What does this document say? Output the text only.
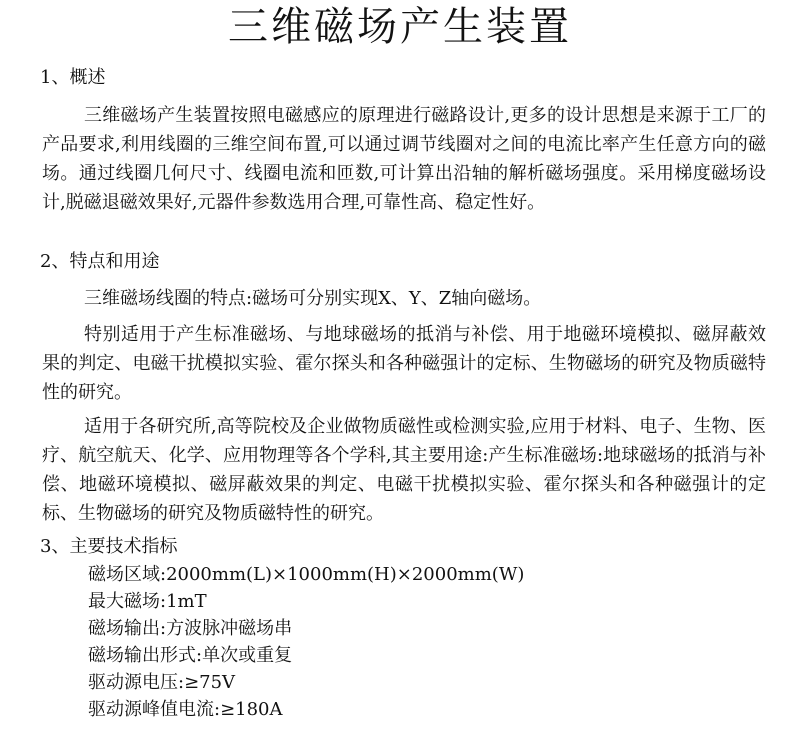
三维磁场产生装置
1、概述

三维磁场产生装置按照电磁感应的原理进行磁路设计,更多的设计思想是来源于工厂的产品要求,利用线圈的三维空间布置,可以通过调节线圈对之间的电流比率产生任意方向的磁场。通过线圈几何尺寸、线圈电流和匝数,可计算出沿轴的解析磁场强度。采用梯度磁场设计,脱磁退磁效果好,元器件参数选用合理,可靠性高、稳定性好。

2、特点和用途

三维磁场线圈的特点:磁场可分别实现X、Y、Z轴向磁场。

特别适用于产生标准磁场、与地球磁场的抵消与补偿、用于地磁环境模拟、磁屏蔽效果的判定、电磁干扰模拟实验、霍尔探头和各种磁强计的定标、生物磁场的研究及物质磁特性的研究。

适用于各研究所,高等院校及企业做物质磁性或检测实验,应用于材料、电子、生物、医疗、航空航天、化学、应用物理等各个学科,其主要用途:产生标准磁场:地球磁场的抵消与补偿、地磁环境模拟、磁屏蔽效果的判定、电磁干扰模拟实验、霍尔探头和各种磁强计的定标、生物磁场的研究及物质磁特性的研究。

3、主要技术指标
磁场区域:2000mm(L)×1000mm(H)×2000mm(W)
最大磁场:1mT
磁场输出:方波脉冲磁场串
磁场输出形式:单次或重复
驱动源电压:≥75V
驱动源峰值电流:≥180A
